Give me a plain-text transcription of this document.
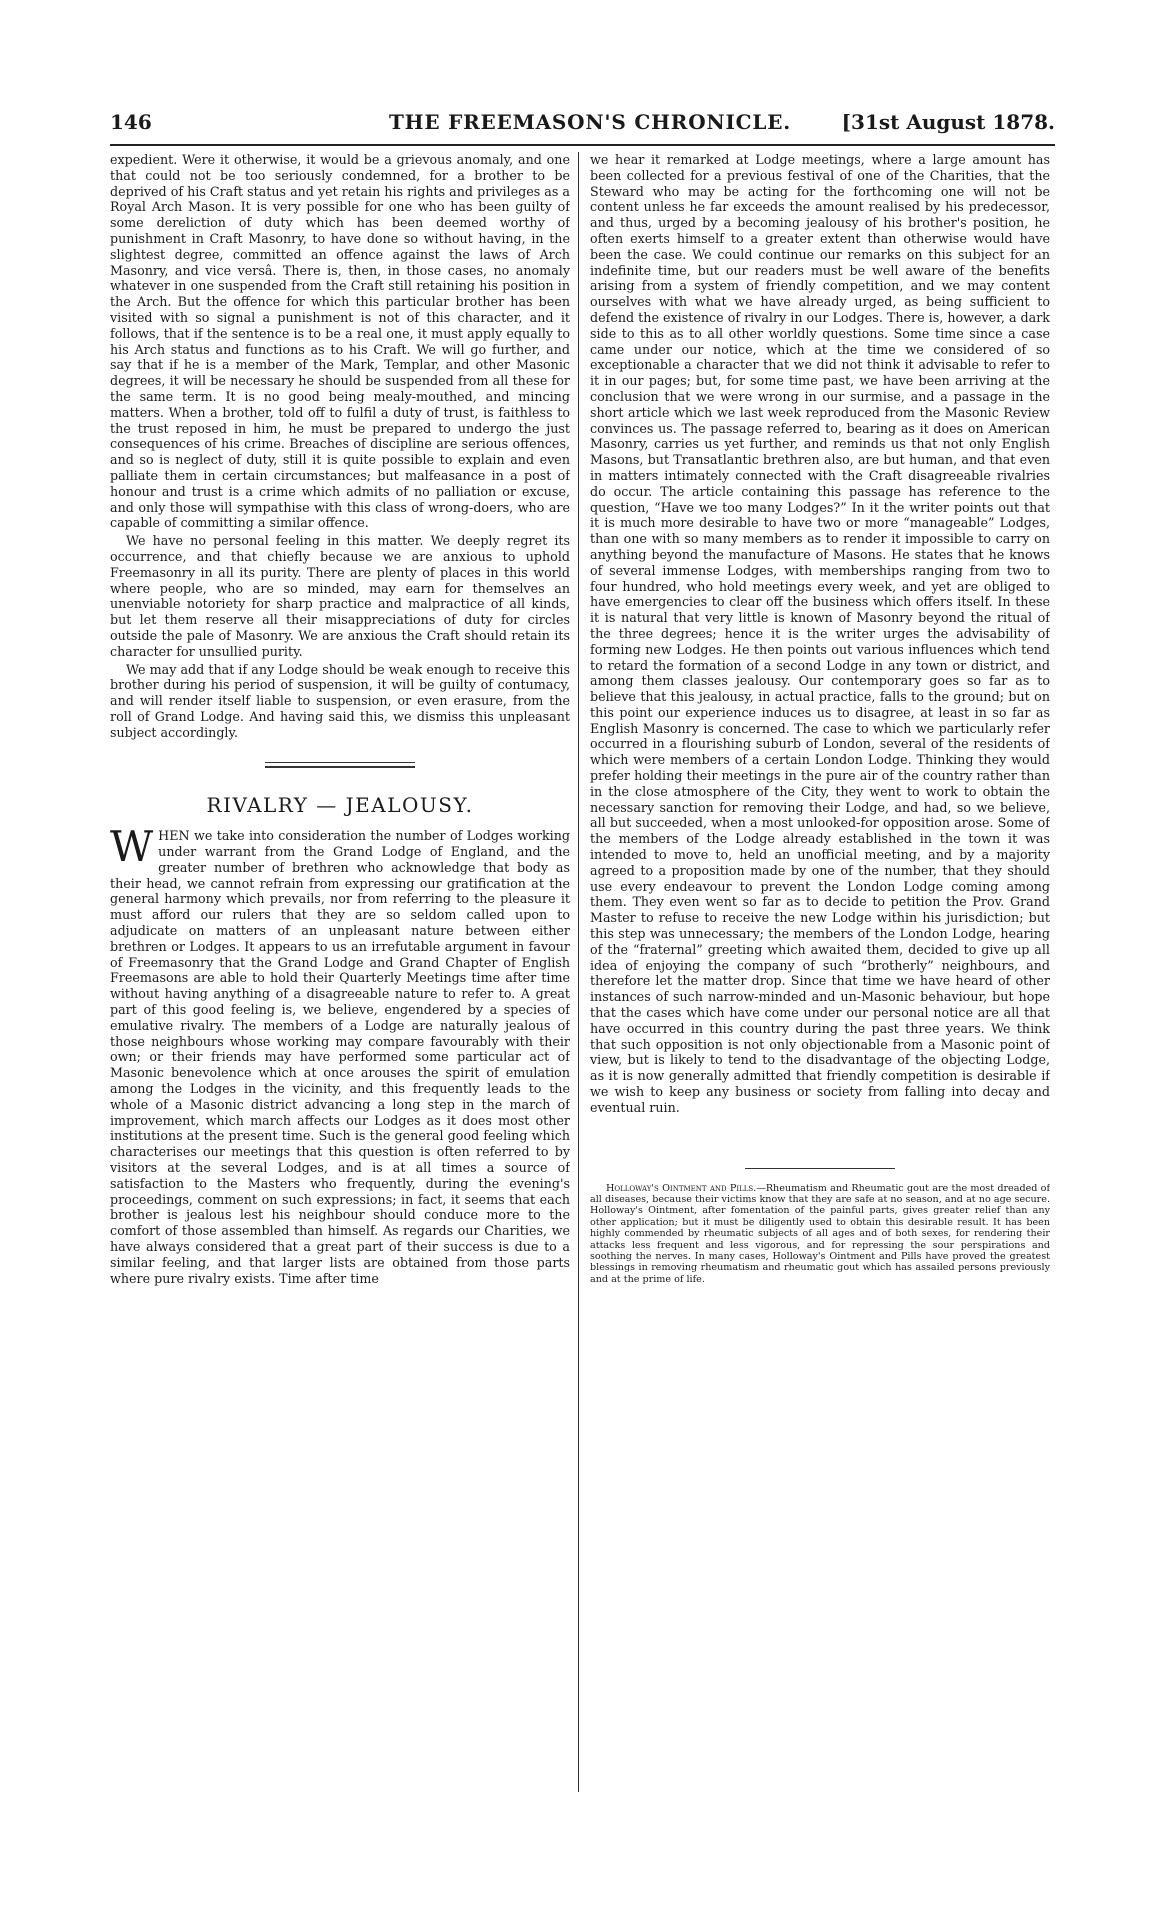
146	THE FREEMASON'S CHRONICLE.	[31st August 1878.

expedient. Were it otherwise, it would be a grievous anomaly, and one that could not be too seriously condemned, for a brother to be deprived of his Craft status and yet retain his rights and privileges as a Royal Arch Mason. It is very possible for one who has been guilty of some dereliction of duty which has been deemed worthy of punishment in Craft Masonry, to have done so without having, in the slightest degree, committed an offence against the laws of Arch Masonry, and vice versâ. There is, then, in those cases, no anomaly whatever in one suspended from the Craft still retaining his position in the Arch. But the offence for which this particular brother has been visited with so signal a punishment is not of this character, and it follows, that if the sentence is to be a real one, it must apply equally to his Arch status and functions as to his Craft. We will go further, and say that if he is a member of the Mark, Templar, and other Masonic degrees, it will be necessary he should be suspended from all these for the same term. It is no good being mealy-mouthed, and mincing matters. When a brother, told off to fulfil a duty of trust, is faithless to the trust reposed in him, he must be prepared to undergo the just consequences of his crime. Breaches of discipline are serious offences, and so is neglect of duty, still it is quite possible to explain and even palliate them in certain circumstances; but malfeasance in a post of honour and trust is a crime which admits of no palliation or excuse, and only those will sympathise with this class of wrong-doers, who are capable of committing a similar offence.

We have no personal feeling in this matter. We deeply regret its occurrence, and that chiefly because we are anxious to uphold Freemasonry in all its purity. There are plenty of places in this world where people, who are so minded, may earn for themselves an unenviable notoriety for sharp practice and malpractice of all kinds, but let them reserve all their misappreciations of duty for circles outside the pale of Masonry. We are anxious the Craft should retain its character for unsullied purity.

We may add that if any Lodge should be weak enough to receive this brother during his period of suspension, it will be guilty of contumacy, and will render itself liable to suspension, or even erasure, from the roll of Grand Lodge. And having said this, we dismiss this unpleasant subject accordingly.

RIVALRY — JEALOUSY.

WHEN we take into consideration the number of Lodges working under warrant from the Grand Lodge of England, and the greater number of brethren who acknowledge that body as their head, we cannot refrain from expressing our gratification at the general harmony which prevails, nor from referring to the pleasure it must afford our rulers that they are so seldom called upon to adjudicate on matters of an unpleasant nature between either brethren or Lodges. It appears to us an irrefutable argument in favour of Freemasonry that the Grand Lodge and Grand Chapter of English Freemasons are able to hold their Quarterly Meetings time after time without having anything of a disagreeable nature to refer to. A great part of this good feeling is, we believe, engendered by a species of emulative rivalry. The members of a Lodge are naturally jealous of those neighbours whose working may compare favourably with their own; or their friends may have performed some particular act of Masonic benevolence which at once arouses the spirit of emulation among the Lodges in the vicinity, and this frequently leads to the whole of a Masonic district advancing a long step in the march of improvement, which march affects our Lodges as it does most other institutions at the present time. Such is the general good feeling which characterises our meetings that this question is often referred to by visitors at the several Lodges, and is at all times a source of satisfaction to the Masters who frequently, during the evening's proceedings, comment on such expressions; in fact, it seems that each brother is jealous lest his neighbour should conduce more to the comfort of those assembled than himself. As regards our Charities, we have always considered that a great part of their success is due to a similar feeling, and that larger lists are obtained from those parts where pure rivalry exists. Time after time

we hear it remarked at Lodge meetings, where a large amount has been collected for a previous festival of one of the Charities, that the Steward who may be acting for the forthcoming one will not be content unless he far exceeds the amount realised by his predecessor, and thus, urged by a becoming jealousy of his brother's position, he often exerts himself to a greater extent than otherwise would have been the case. We could continue our remarks on this subject for an indefinite time, but our readers must be well aware of the benefits arising from a system of friendly competition, and we may content ourselves with what we have already urged, as being sufficient to defend the existence of rivalry in our Lodges. There is, however, a dark side to this as to all other worldly questions. Some time since a case came under our notice, which at the time we considered of so exceptionable a character that we did not think it advisable to refer to it in our pages; but, for some time past, we have been arriving at the conclusion that we were wrong in our surmise, and a passage in the short article which we last week reproduced from the Masonic Review convinces us. The passage referred to, bearing as it does on American Masonry, carries us yet further, and reminds us that not only English Masons, but Transatlantic brethren also, are but human, and that even in matters intimately connected with the Craft disagreeable rivalries do occur. The article containing this passage has reference to the question, “Have we too many Lodges?” In it the writer points out that it is much more desirable to have two or more “manageable” Lodges, than one with so many members as to render it impossible to carry on anything beyond the manufacture of Masons. He states that he knows of several immense Lodges, with memberships ranging from two to four hundred, who hold meetings every week, and yet are obliged to have emergencies to clear off the business which offers itself. In these it is natural that very little is known of Masonry beyond the ritual of the three degrees; hence it is the writer urges the advisability of forming new Lodges. He then points out various influences which tend to retard the formation of a second Lodge in any town or district, and among them classes jealousy. Our contemporary goes so far as to believe that this jealousy, in actual practice, falls to the ground; but on this point our experience induces us to disagree, at least in so far as English Masonry is concerned. The case to which we particularly refer occurred in a flourishing suburb of London, several of the residents of which were members of a certain London Lodge. Thinking they would prefer holding their meetings in the pure air of the country rather than in the close atmosphere of the City, they went to work to obtain the necessary sanction for removing their Lodge, and had, so we believe, all but succeeded, when a most unlooked-for opposition arose. Some of the members of the Lodge already established in the town it was intended to move to, held an unofficial meeting, and by a majority agreed to a proposition made by one of the number, that they should use every endeavour to prevent the London Lodge coming among them. They even went so far as to decide to petition the Prov. Grand Master to refuse to receive the new Lodge within his jurisdiction; but this step was unnecessary; the members of the London Lodge, hearing of the “fraternal” greeting which awaited them, decided to give up all idea of enjoying the company of such “brotherly” neighbours, and therefore let the matter drop. Since that time we have heard of other instances of such narrow-minded and un-Masonic behaviour, but hope that the cases which have come under our personal notice are all that have occurred in this country during the past three years. We think that such opposition is not only objectionable from a Masonic point of view, but is likely to tend to the disadvantage of the objecting Lodge, as it is now generally admitted that friendly competition is desirable if we wish to keep any business or society from falling into decay and eventual ruin.

Holloway's Ointment and Pills.—Rheumatism and Rheumatic gout are the most dreaded of all diseases, because their victims know that they are safe at no season, and at no age secure. Holloway's Ointment, after fomentation of the painful parts, gives greater relief than any other application; but it must be diligently used to obtain this desirable result. It has been highly commended by rheumatic subjects of all ages and of both sexes, for rendering their attacks less frequent and less vigorous, and for repressing the sour perspirations and soothing the nerves. In many cases, Holloway's Ointment and Pills have proved the greatest blessings in removing rheumatism and rheumatic gout which has assailed persons previously and at the prime of life.
